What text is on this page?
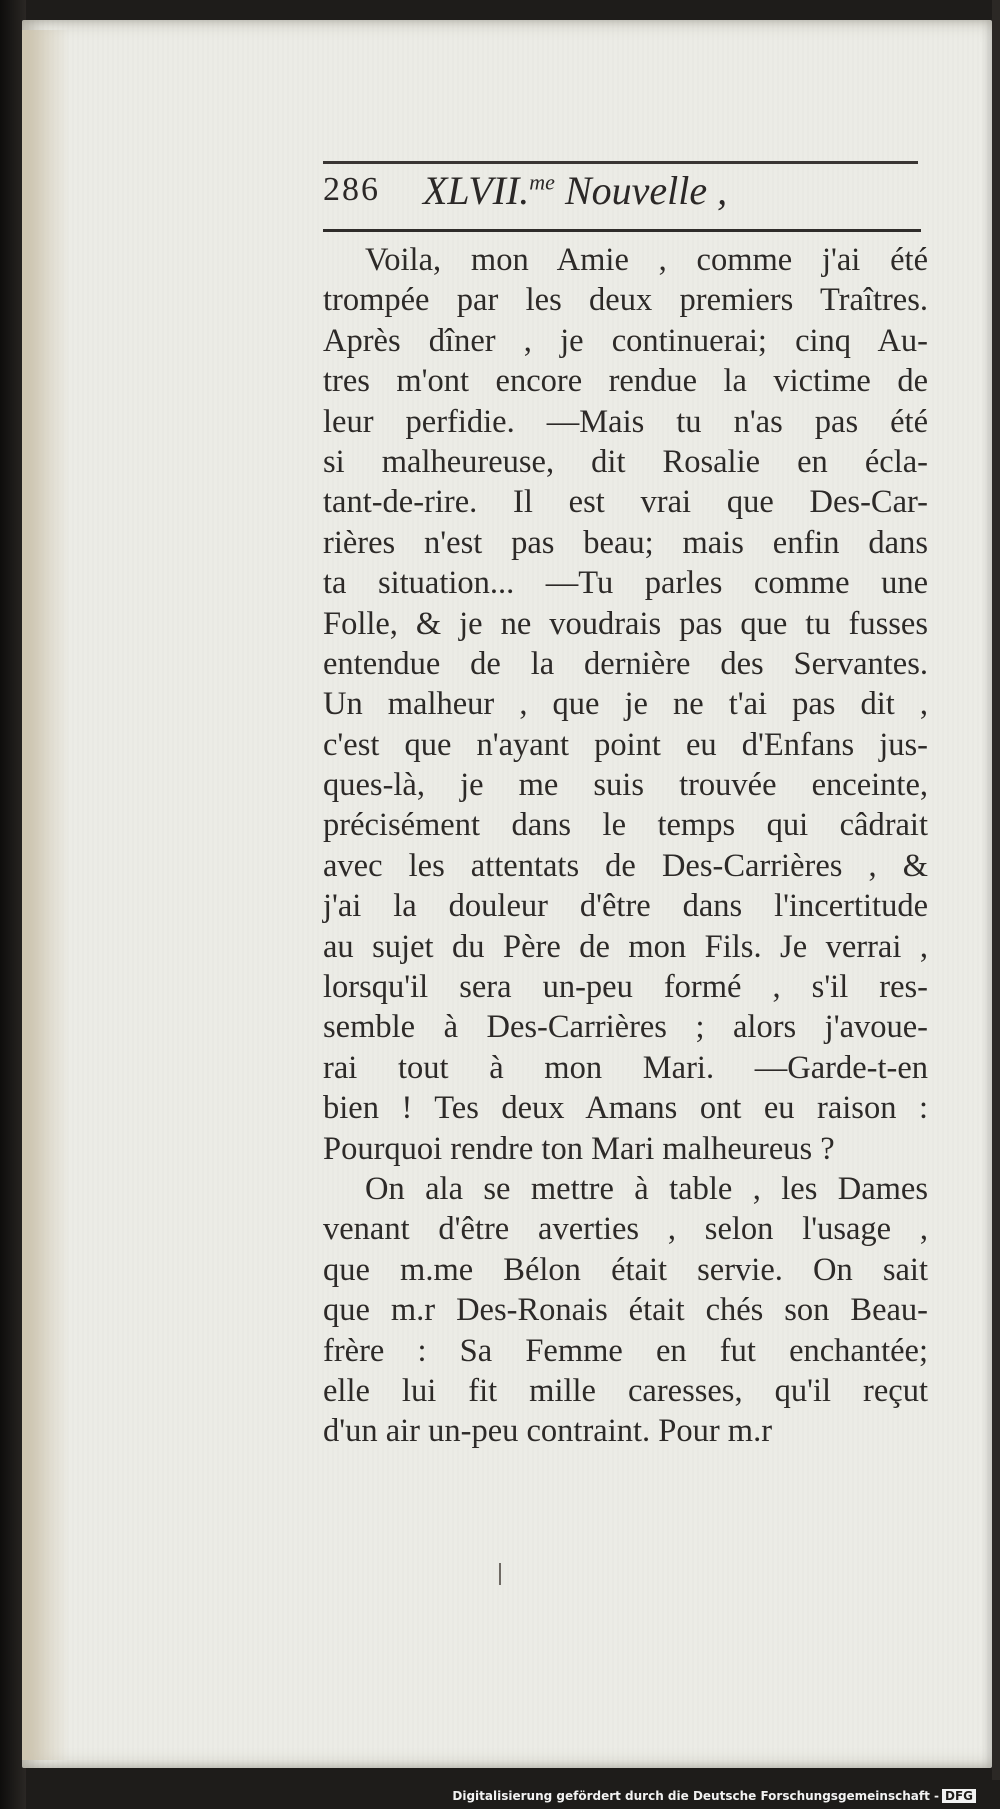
286 XLVII.$^{me}$ Nouvelle ,
Voila, mon Amie , comme j'ai été
trompée par les deux premiers Traîtres.
Après dîner , je continuerai; cinq Au-
tres m'ont encore rendue la victime de
leur perfidie. —Mais tu n'as pas été
si malheureuse, dit Rosalie en écla-
tant-de-rire. Il est vrai que Des-Car-
rières n'est pas beau; mais enfin dans
ta situation... —Tu parles comme une
Folle, & je ne voudrais pas que tu fusses
entendue de la dernière des Servantes.
Un malheur , que je ne t'ai pas dit ,
c'est que n'ayant point eu d'Enfans jus-
ques-là, je me suis trouvée enceinte,
précisément dans le temps qui câdrait
avec les attentats de Des-Carrières , &
j'ai la douleur d'être dans l'incertitude
au sujet du Père de mon Fils. Je verrai ,
lorsqu'il sera un-peu formé , s'il res-
semble à Des-Carrières ; alors j'avoue-
rai tout à mon Mari. —Garde-t-en
bien ! Tes deux Amans ont eu raison :
Pourquoi rendre ton Mari malheureus ?
On ala se mettre à table , les Dames
venant d'être averties , selon l'usage ,
que m.me Bélon était servie. On sait
que m.r Des-Ronais était chés son Beau-
frère : Sa Femme en fut enchantée;
elle lui fit mille caresses, qu'il reçut
d'un air un-peu contraint. Pour m.r
Digitalisierung gefördert durch die Deutsche Forschungsgemeinschaft - DFG
